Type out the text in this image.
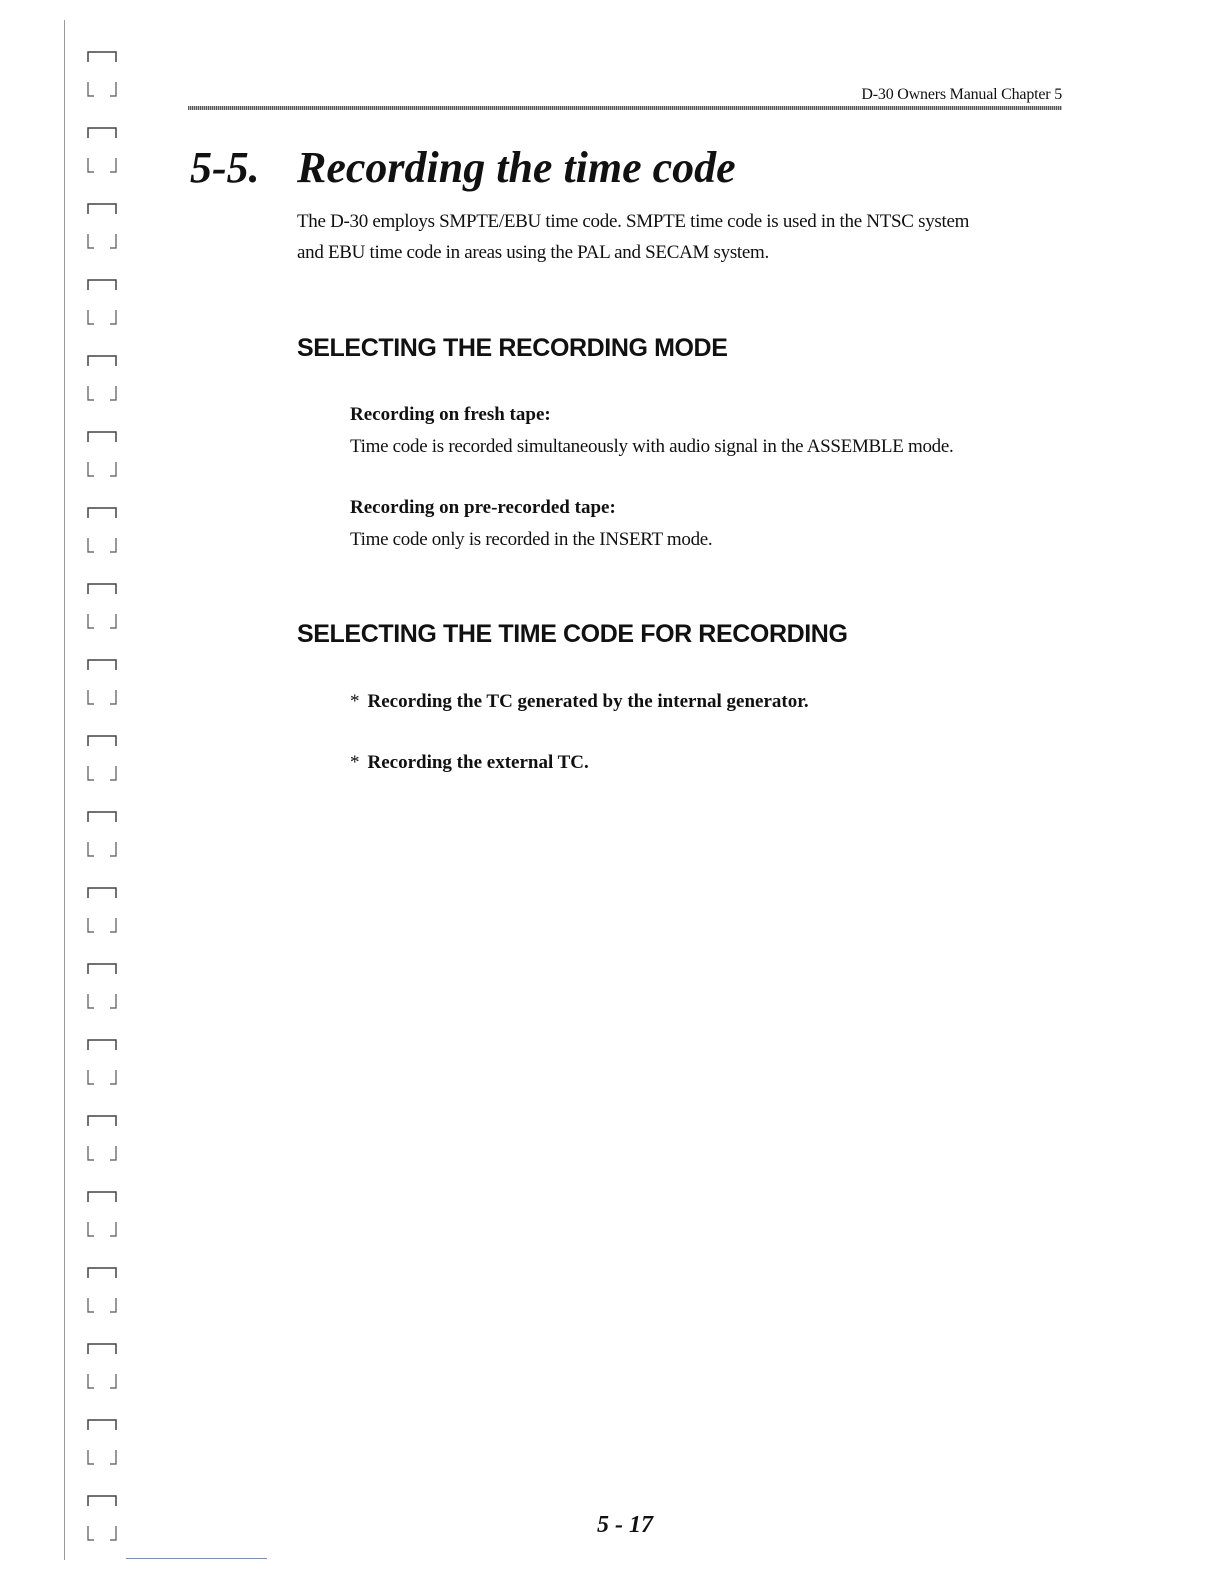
D-30 Owners Manual Chapter 5
5-5. Recording the time code
The D-30 employs SMPTE/EBU time code. SMPTE time code is used in the NTSC system
and EBU time code in areas using the PAL and SECAM system.
SELECTING THE RECORDING MODE
Recording on fresh tape:
Time code is recorded simultaneously with audio signal in the ASSEMBLE mode.
Recording on pre-recorded tape:
Time code only is recorded in the INSERT mode.
SELECTING THE TIME CODE FOR RECORDING
* Recording the TC generated by the internal generator.
* Recording the external TC.
5 - 17
